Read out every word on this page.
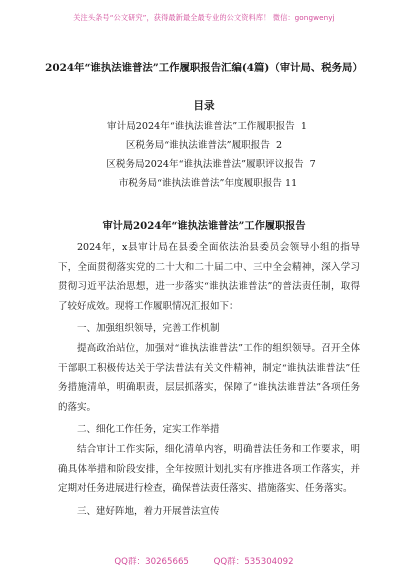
关注头条号“公文研究”，获得最新最全最专业的公文资料库！ 微信：gongwenyj
2024年“谁执法谁普法”工作履职报告汇编(4篇)（审计局、税务局）
目录
审计局2024年“谁执法谁普法”工作履职报告  1
区税务局“谁执法谁普法”履职报告  2
区税务局2024年“谁执法谁普法”履职评议报告  7
市税务局“谁执法谁普法”年度履职报告 11
审计局2024年“谁执法谁普法”工作履职报告

2024年，x县审计局在县委全面依法治县委员会领导小组的指导下，全面贯彻落实党的二十大和二十届二中、三中全会精神，深入学习贯彻习近平法治思想，进一步落实“谁执法谁普法”的普法责任制，取得了较好成效。现将工作履职情况汇报如下：

一、加强组织领导，完善工作机制

提高政治站位，加强对“谁执法谁普法”工作的组织领导。召开全体干部职工积极传达关于学法普法有关文件精神，制定“谁执法谁普法”任务措施清单，明确职责，层层抓落实，保障了“谁执法谁普法”各项任务的落实。

二、细化工作任务，定实工作举措

结合审计工作实际，细化清单内容，明确普法任务和工作要求，明确具体举措和阶段安排，全年按照计划扎实有序推进各项工作落实，并定期对任务进展进行检查，确保普法责任落实、措施落实、任务落实。

三、建好阵地，着力开展普法宣传

QQ群：30265665	QQ群：535304092
